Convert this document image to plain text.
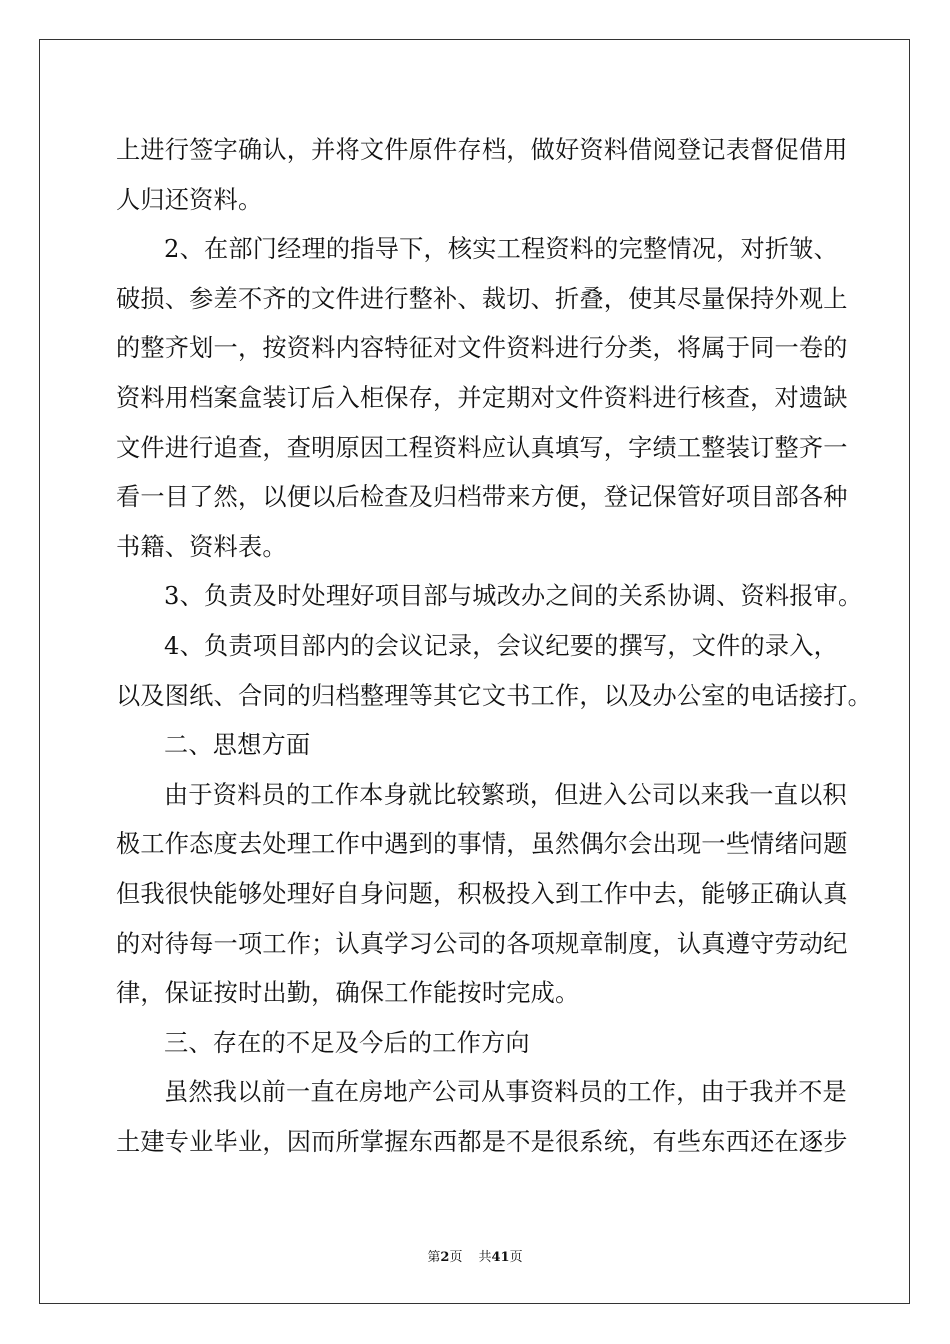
上进行签字确认，并将文件原件存档，做好资料借阅登记表督促借用
人归还资料。
2、在部门经理的指导下，核实工程资料的完整情况，对折皱、
破损、参差不齐的文件进行整补、裁切、折叠，使其尽量保持外观上
的整齐划一，按资料内容特征对文件资料进行分类，将属于同一卷的
资料用档案盒装订后入柜保存，并定期对文件资料进行核查，对遗缺
文件进行追查，查明原因工程资料应认真填写，字绩工整装订整齐一
看一目了然，以便以后检查及归档带来方便，登记保管好项目部各种
书籍、资料表。
3、负责及时处理好项目部与城改办之间的关系协调、资料报审。
4、负责项目部内的会议记录，会议纪要的撰写，文件的录入，
以及图纸、合同的归档整理等其它文书工作，以及办公室的电话接打。
二、思想方面
由于资料员的工作本身就比较繁琐，但进入公司以来我一直以积
极工作态度去处理工作中遇到的事情，虽然偶尔会出现一些情绪问题
但我很快能够处理好自身问题，积极投入到工作中去，能够正确认真
的对待每一项工作；认真学习公司的各项规章制度，认真遵守劳动纪
律，保证按时出勤，确保工作能按时完成。
三、存在的不足及今后的工作方向
虽然我以前一直在房地产公司从事资料员的工作，由于我并不是
土建专业毕业，因而所掌握东西都是不是很系统，有些东西还在逐步
第2页 共41页
